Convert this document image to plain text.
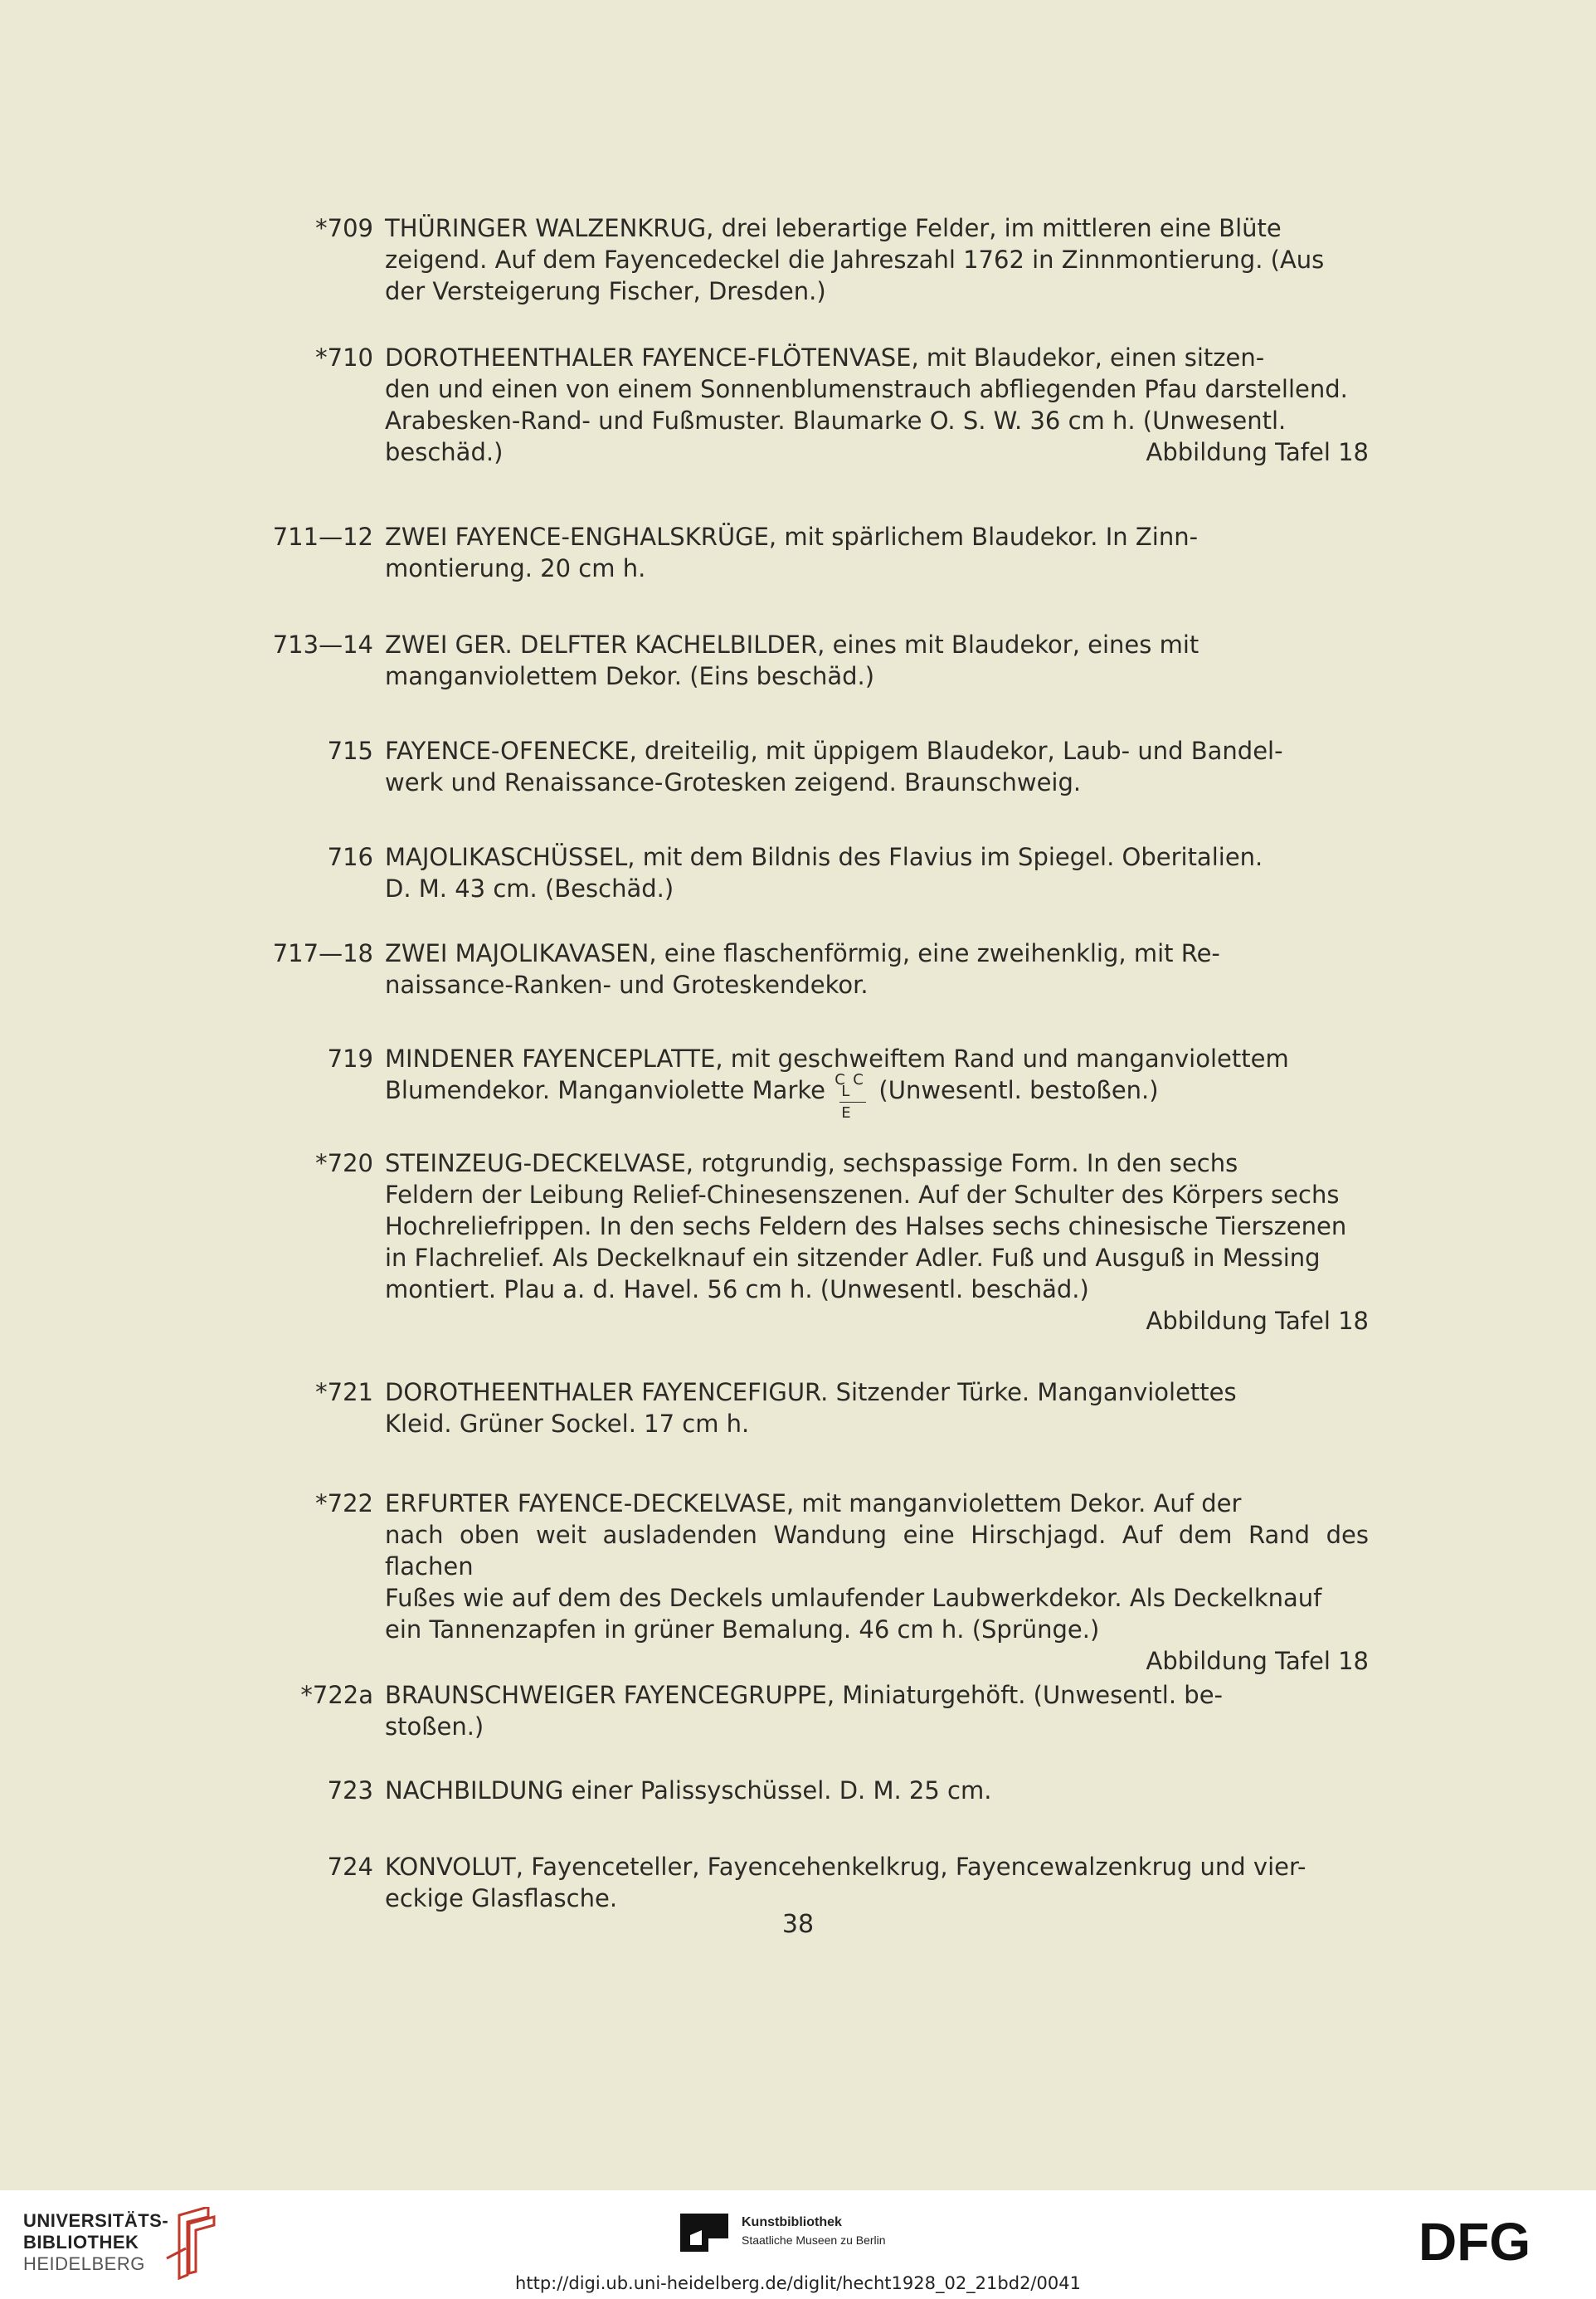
*709 THÜRINGER WALZENKRUG, drei leberartige Felder, im mittleren eine Blüte
zeigend. Auf dem Fayencedeckel die Jahreszahl 1762 in Zinnmontierung. (Aus
der Versteigerung Fischer, Dresden.)
*710 DOROTHEENTHALER FAYENCE-FLÖTENVASE, mit Blaudekor, einen sitzen-
den und einen von einem Sonnenblumenstrauch abfliegenden Pfau darstellend.
Arabesken-Rand- und Fußmuster. Blaumarke O. S. W. 36 cm h. (Unwesentl.
beschäd.)	Abbildung Tafel 18
711—12 ZWEI FAYENCE-ENGHALSKRÜGE, mit spärlichem Blaudekor. In Zinn-
montierung. 20 cm h.
713—14 ZWEI GER. DELFTER KACHELBILDER, eines mit Blaudekor, eines mit
manganviolettem Dekor. (Eins beschäd.)
715 FAYENCE-OFENECKE, dreiteilig, mit üppigem Blaudekor, Laub- und Bandel-
werk und Renaissance-Grotesken zeigend. Braunschweig.
716 MAJOLIKASCHÜSSEL, mit dem Bildnis des Flavius im Spiegel. Oberitalien.
D. M. 43 cm. (Beschäd.)
717—18 ZWEI MAJOLIKAVASEN, eine flaschenförmig, eine zweihenklig, mit Re-
naissance-Ranken- und Groteskendekor.
719 MINDENER FAYENCEPLATTE, mit geschweiftem Rand und manganviolettem
Blumendekor. Manganviolette Marke C C
L
E
(Unwesentl. bestoßen.)
*720 STEINZEUG-DECKELVASE, rotgrundig, sechspassige Form. In den sechs
Feldern der Leibung Relief-Chinesenszenen. Auf der Schulter des Körpers sechs
Hochreliefrippen. In den sechs Feldern des Halses sechs chinesische Tierszenen
in Flachrelief. Als Deckelknauf ein sitzender Adler. Fuß und Ausguß in Messing
montiert. Plau a. d. Havel. 56 cm h. (Unwesentl. beschäd.)
Abbildung Tafel 18
*721 DOROTHEENTHALER FAYENCEFIGUR. Sitzender Türke. Manganviolettes
Kleid. Grüner Sockel. 17 cm h.
*722 ERFURTER FAYENCE-DECKELVASE, mit manganviolettem Dekor. Auf der
nach oben weit ausladenden Wandung eine Hirschjagd. Auf dem Rand des flachen
Fußes wie auf dem des Deckels umlaufender Laubwerkdekor. Als Deckelknauf
ein Tannenzapfen in grüner Bemalung. 46 cm h. (Sprünge.)
Abbildung Tafel 18
*722a BRAUNSCHWEIGER FAYENCEGRUPPE, Miniaturgehöft. (Unwesentl. be-
stoßen.)
723 NACHBILDUNG einer Palissyschüssel. D. M. 25 cm.
724 KONVOLUT, Fayenceteller, Fayencehenkelkrug, Fayencewalzenkrug und vier-
eckige Glasflasche.
38
UNIVERSITÄTS-
BIBLIOTHEK
HEIDELBERG
Kunstbibliothek
Staatliche Museen zu Berlin	DFG
http://digi.ub.uni-heidelberg.de/diglit/hecht1928_02_21bd2/0041
